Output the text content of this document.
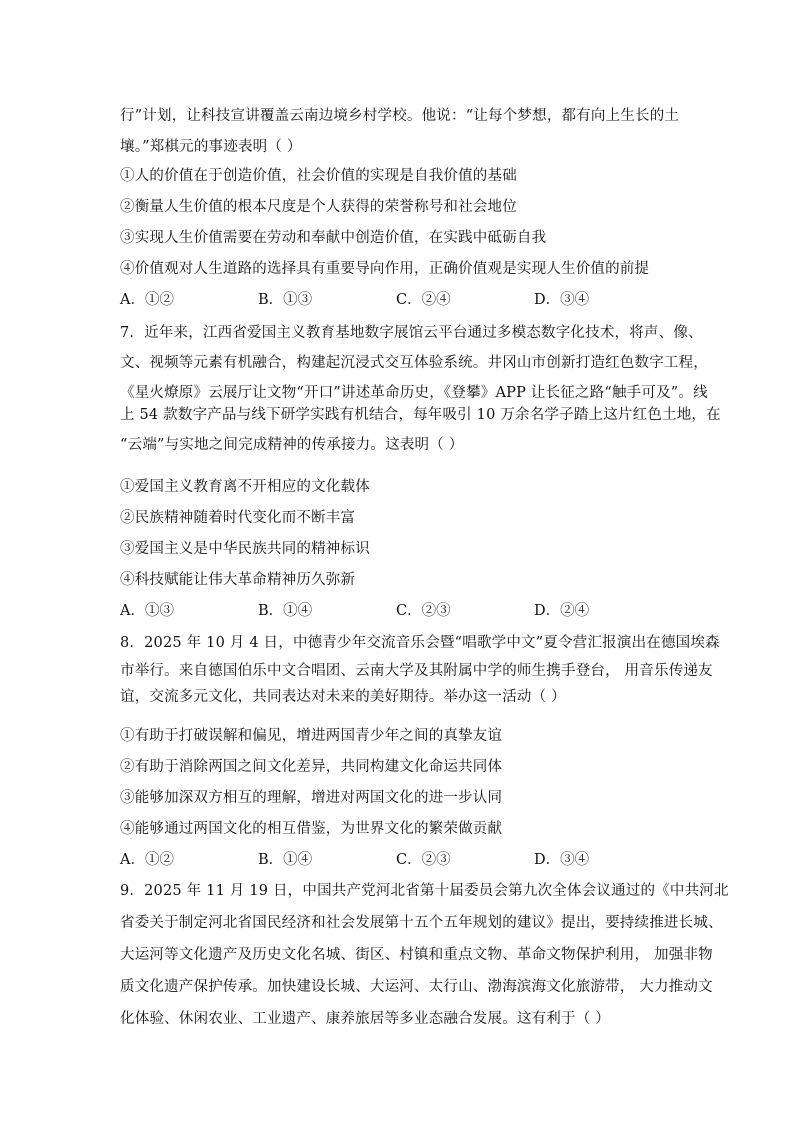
行”计划，让科技宣讲覆盖云南边境乡村学校。他说：“让每个梦想，都有向上生长的土
壤。”郑棋元的事迹表明（ ）
①人的价值在于创造价值，社会价值的实现是自我价值的基础
②衡量人生价值的根本尺度是个人获得的荣誉称号和社会地位
③实现人生价值需要在劳动和奉献中创造价值，在实践中砥砺自我
④价值观对人生道路的选择具有重要导向作用，正确价值观是实现人生价值的前提
A．①②	B．①③	C．②④	D．③④
7．近年来，江西省爱国主义教育基地数字展馆云平台通过多模态数字化技术，将声、像、
文、视频等元素有机融合，构建起沉浸式交互体验系统。井冈山市创新打造红色数字工程，
《星火燎原》云展厅让文物“开口”讲述革命历史，《登攀》APP 让长征之路“触手可及”。线
上 54 款数字产品与线下研学实践有机结合，每年吸引 10 万余名学子踏上这片红色土地，在
“云端”与实地之间完成精神的传承接力。这表明（ ）
①爱国主义教育离不开相应的文化载体
②民族精神随着时代变化而不断丰富
③爱国主义是中华民族共同的精神标识
④科技赋能让伟大革命精神历久弥新
A．①③	B．①④	C．②③	D．②④
8．2025 年 10 月 4 日，中德青少年交流音乐会暨“唱歌学中文”夏令营汇报演出在德国埃森
市举行。来自德国伯乐中文合唱团、云南大学及其附属中学的师生携手登台， 用音乐传递友
谊，交流多元文化，共同表达对未来的美好期待。举办这一活动（ ）
①有助于打破误解和偏见，增进两国青少年之间的真挚友谊
②有助于消除两国之间文化差异，共同构建文化命运共同体
③能够加深双方相互的理解，增进对两国文化的进一步认同
④能够通过两国文化的相互借鉴，为世界文化的繁荣做贡献
A．①②	B．①④	C．②③	D．③④
9．2025 年 11 月 19 日，中国共产党河北省第十届委员会第九次全体会议通过的《中共河北
省委关于制定河北省国民经济和社会发展第十五个五年规划的建议》提出，要持续推进长城、
大运河等文化遗产及历史文化名城、街区、村镇和重点文物、革命文物保护利用， 加强非物
质文化遗产保护传承。加快建设长城、大运河、太行山、渤海滨海文化旅游带， 大力推动文
化体验、休闲农业、工业遗产、康养旅居等多业态融合发展。这有利于（ ）
